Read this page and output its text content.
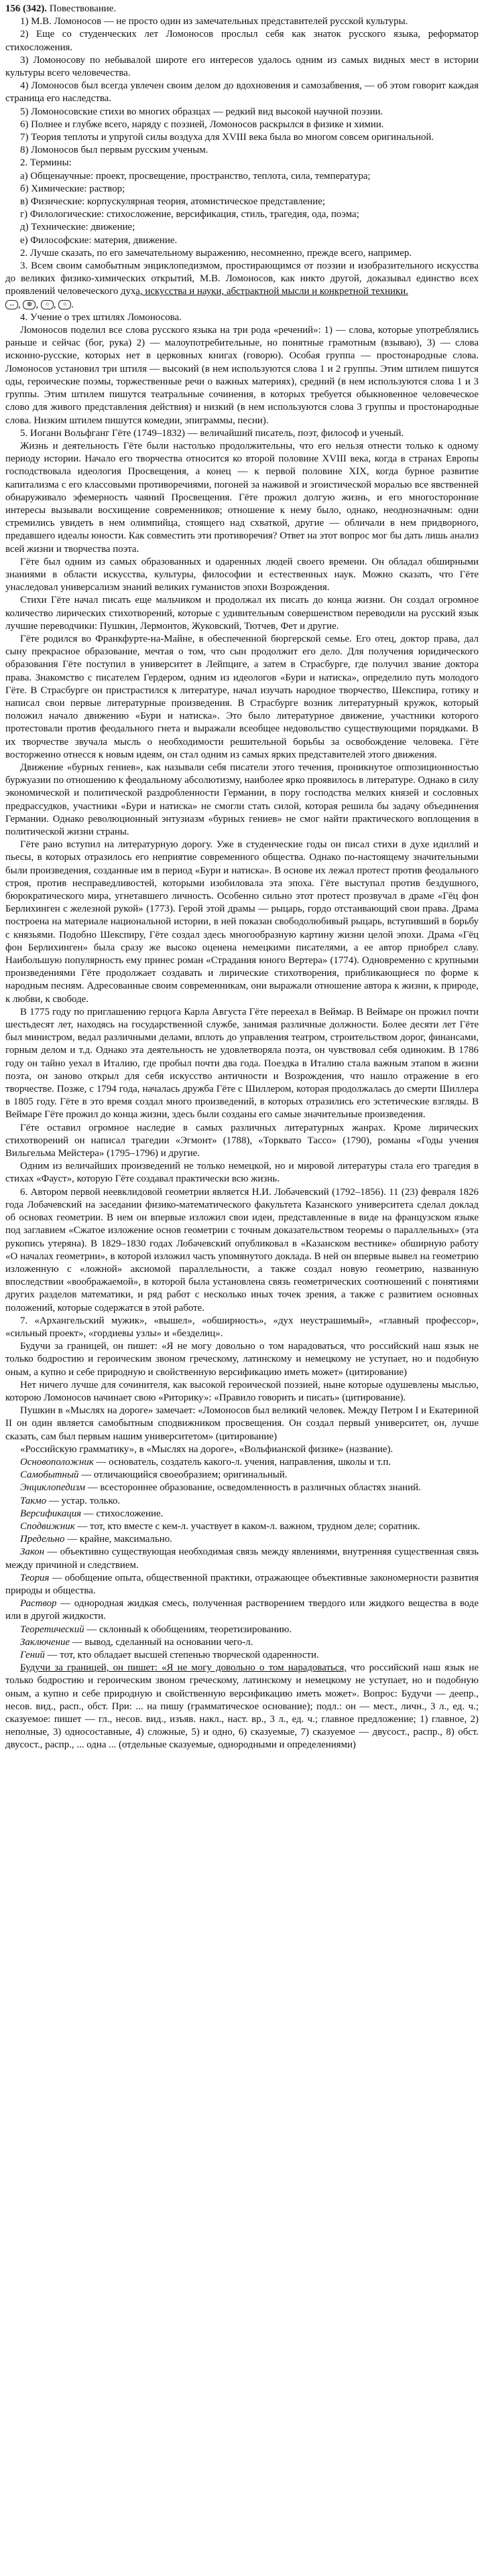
156 (342). Повествование.

1) М.В. Ломоносов — не просто один из замечательных представителей русской культуры.

2) Еще со студенческих лет Ломоносов прослыл себя как знаток русского языка, реформатор стихосложения.

3) Ломоносову по небывалой широте его интересов удалось одним из самых видных мест в истории культуры всего человечества.

4) Ломоносов был всегда увлечен своим делом до вдохновения и самозабвения, — об этом говорит каждая страница его наследства.

5) Ломоносовские стихи во многих образцах — редкий вид высокой научной поэзии.

6) Полнее и глубже всего, наряду с поэзией, Ломоносов раскрылся в физике и химии.

7) Теория теплоты и упругой силы воздуха для XVIII века была во многом совсем оригинальной.

8) Ломоносов был первым русским ученым.

2. Термины:

а) Общенаучные: проект, просвещение, пространство, теплота, сила, температура;

б) Химические: раствор;

в) Физические: корпускулярная теория, атомистическое представление;

г) Филологические: стихосложение, версификация, стиль, трагедия, ода, поэма;

д) Технические: движение;

е) Философские: материя, движение.

2. Лучше сказать, по его замечательному выражению, несомненно, прежде всего, например.

3. Всем своим самобытным энциклопедизмом, простирающимся от поэзии и изобразительного искусства до великих физико-химических открытий, М.В. Ломоносов, как никто другой, доказывал единство всех проявлений человеческого духа, искусства и науки, абстрактной мысли и конкретной техники.

↔ , ⊗ , ○ , ○ .

4. Учение о трех штилях Ломоносова.

Ломоносов поделил все слова русского языка на три рода «речений»: 1) — слова, которые употреблялись раньше и сейчас (бог, рука) 2) — малоупотребительные, но понятные грамотным (взываю), 3) — слова исконно-русские, которых нет в церковных книгах (говорю). Особая группа — простонародные слова. Ломоносов установил три штиля — высокий (в нем используются слова 1 и 2 группы. Этим штилем пишутся оды, героические поэмы, торжественные речи о важных материях), средний (в нем используются слова 1 и 3 группы. Этим штилем пишутся театральные сочинения, в которых требуется обыкновенное человеческое слово для живого представления действия) и низкий (в нем используются слова 3 группы и простонародные слова. Низким штилем пишутся комедии, эпиграммы, песни).

5. Иоганн Вольфганг Гёте (1749–1832) — величайший писатель, поэт, философ и ученый.

Жизнь и деятельность Гёте были настолько продолжительны, что его нельзя отнести только к одному периоду истории. Начало его творчества относится ко второй половине XVIII века, когда в странах Европы господствовала идеология Просвещения, а конец — к первой половине XIX, когда бурное развитие капитализма с его классовыми противоречиями, погоней за наживой и эгоистической моралью все явственней обнаруживало эфемерность чаяний Просвещения. Гёте прожил долгую жизнь, и его многосторонние интересы вызывали восхищение современников; отношение к нему было, однако, неоднозначным: одни стремились увидеть в нем олимпийца, стоящего над схваткой, другие — обличали в нем придворного, предавшего идеалы юности. Как совместить эти противоречия? Ответ на этот вопрос мог бы дать лишь анализ всей жизни и творчества поэта.

Гёте был одним из самых образованных и одаренных людей своего времени. Он обладал обширными знаниями в области искусства, культуры, философии и естественных наук. Можно сказать, что Гёте унаследовал универсализм знаний великих гуманистов эпохи Возрождения.

Стихи Гёте начал писать еще мальчиком и продолжал их писать до конца жизни. Он создал огромное количество лирических стихотворений, которые с удивительным совершенством переводили на русский язык лучшие переводчики: Пушкин, Лермонтов, Жуковский, Тютчев, Фет и другие.

Гёте родился во Франкфурте-на-Майне, в обеспеченной бюргерской семье. Его отец, доктор права, дал сыну прекрасное образование, мечтая о том, что сын продолжит его дело. Для получения юридического образования Гёте поступил в университет в Лейпциге, а затем в Страсбурге, где получил звание доктора права. Знакомство с писателем Гердером, одним из идеологов «Бури и натиска», определило путь молодого Гёте. В Страсбурге он пристрастился к литературе, начал изучать народное творчество, Шекспира, готику и написал свои первые литературные произведения. В Страсбурге возник литературный кружок, который положил начало движению «Бури и натиска». Это было литературное движение, участники которого протестовали против феодального гнета и выражали всеобщее недовольство существующими порядками. В их творчестве звучала мысль о необходимости решительной борьбы за освобождение человека. Гёте восторженно отнесся к новым идеям, он стал одним из самых ярких представителей этого движения.

Движение «бурных гениев», как называли себя писатели этого течения, проникнутое оппозиционностью буржуазии по отношению к феодальному абсолютизму, наиболее ярко проявилось в литературе. Однако в силу экономической и политической раздробленности Германии, в пору господства мелких князей и сословных предрассудков, участники «Бури и натиска» не смогли стать силой, которая решила бы задачу объединения Германии. Однако революционный энтузиазм «бурных гениев» не смог найти практического воплощения в политической жизни страны.

Гёте рано вступил на литературную дорогу. Уже в студенческие годы он писал стихи в духе идиллий и пьесы, в которых отразилось его неприятие современного общества. Однако по-настоящему значительными были произведения, созданные им в период «Бури и натиска». В основе их лежал протест против феодального строя, против несправедливостей, которыми изобиловала эта эпоха. Гёте выступал против бездушного, бюрократического мира, угнетавшего личность. Особенно сильно этот протест прозвучал в драме «Гёц фон Берлихинген с железной рукой» (1773). Герой этой драмы — рыцарь, гордо отстаивающий свои права. Драма построена на материале национальной истории, в ней показан свободолюбивый рыцарь, вступивший в борьбу с князьями. Подобно Шекспиру, Гёте создал здесь многообразную картину жизни целой эпохи. Драма «Гёц фон Берлихинген» была сразу же высоко оценена немецкими писателями, а ее автор приобрел славу. Наибольшую популярность ему принес роман «Страдания юного Вертера» (1774). Одновременно с крупными произведениями Гёте продолжает создавать и лирические стихотворения, прибликающиеся по форме к народным песням. Адресованные своим современникам, они выражали отношение автора к жизни, к природе, к любви, к свободе.

В 1775 году по приглашению герцога Карла Августа Гёте переехал в Веймар. В Веймаре он прожил почти шестьдесят лет, находясь на государственной службе, занимая различные должности. Более десяти лет Гёте был министром, ведал различными делами, вплоть до управления театром, строительством дорог, финансами, горным делом и т.д. Однако эта деятельность не удовлетворяла поэта, он чувствовал себя одиноким. В 1786 году он тайно уехал в Италию, где пробыл почти два года. Поездка в Италию стала важным этапом в жизни поэта, он заново открыл для себя искусство античности и Возрождения, что нашло отражение в его творчестве. Позже, с 1794 года, началась дружба Гёте с Шиллером, которая продолжалась до смерти Шиллера в 1805 году. Гёте в это время создал много произведений, в которых отразились его эстетические взгляды. В Веймаре Гёте прожил до конца жизни, здесь были созданы его самые значительные произведения.

Гёте оставил огромное наследие в самых различных литературных жанрах. Кроме лирических стихотворений он написал трагедии «Эгмонт» (1788), «Торквато Тассо» (1790), романы «Годы учения Вильгельма Мейстера» (1795–1796) и другие.

Одним из величайших произведений не только немецкой, но и мировой литературы стала его трагедия в стихах «Фауст», которую Гёте создавал практически всю жизнь.

6. Автором первой неевклидовой геометрии является Н.И. Лобачевский (1792–1856). 11 (23) февраля 1826 года Лобачевский на заседании физико-математического факультета Казанского университета сделал доклад об основах геометрии. В нем он впервые изложил свои идеи, представленные в виде на французском языке под заглавием «Сжатое изложение основ геометрии с точным доказательством теоремы о параллельных» (эта рукопись утеряна). В 1829–1830 годах Лобачевский опубликовал в «Казанском вестнике» обширную работу «О началах геометрии», в которой изложил часть упомянутого доклада. В ней он впервые вывел на геометрию изложенную с «ложной» аксиомой параллельности, а также создал новую геометрию, названную впоследствии «воображаемой», в которой была установлена связь геометрических соотношений с понятиями других разделов математики, и ряд работ с несколько иных точек зрения, а также с развитием основных положений, которые содержатся в этой работе.

7. «Архангельский мужик», «вышел», «обширность», «дух неустрашимый», «главный профессор», «сильный проект», «гордиевы узлы» и «безделиц».

Будучи за границей, он пишет: «Я не могу довольно о том нарадоваться, что российский наш язык не только бодростию и героическим звоном греческому, латинскому и немецкому не уступает, но и подобную оным, а купно и себе природную и свойственную версификацию иметь может» (цитирование)

Нет ничего лучше для сочинителя, как высокой героической поэзией, ныне которые одушевлены мыслью, которою Ломоносов начинает свою «Риторику»: «Правило говорить и писать» (цитирование).

Пушкин в «Мыслях на дороге» замечает: «Ломоносов был великий человек. Между Петром I и Екатериной II он один является самобытным сподвижником просвещения. Он создал первый университет, он, лучше сказать, сам был первым нашим университетом» (цитирование)

«Российскую грамматику», в «Мыслях на дороге», «Вольфианской физике» (название).

Основоположник — основатель, создатель какого-л. учения, направления, школы и т.п.

Самобытный — отличающийся своеобразием; оригинальный.

Энциклопедизм — всестороннее образование, осведомленность в различных областях знаний.

Такмо — устар. только.

Версификация — стихосложение.

Сподвижник — тот, кто вместе с кем-л. участвует в каком-л. важном, трудном деле; соратник.

Предельно — крайне, максимально.

Закон — объективно существующая необходимая связь между явлениями, внутренняя существенная связь между причиной и следствием.

Теория — обобщение опыта, общественной практики, отражающее объективные закономерности развития природы и общества.

Раствор — однородная жидкая смесь, полученная растворением твердого или жидкого вещества в воде или в другой жидкости.

Теоретический — склонный к обобщениям, теоретизированию.

Заключение — вывод, сделанный на основании чего-л.

Гений — тот, кто обладает высшей степенью творческой одаренности.

Будучи за границей, он пишет: «Я не могу довольно о том нарадоваться, что российский наш язык не только бодростию и героическим звоном греческому, латинскому и немецкому не уступает, но и подобную оным, а купно и себе природную и свойственную версификацию иметь может». Вопрос: Будучи — деепр., несов. вид., расп., обст. При: ... на пишу (грамматическое основание); подл.: он — мест., личн., 3 л., ед. ч.; сказуемое: пишет — гл., несов. вид., изъяв. накл., наст. вр., 3 л., ед. ч.; главное предложение; 1) главное, 2) неполные, 3) односоставные, 4) сложные, 5) и одно, 6) сказуемые, 7) сказуемое — двусост., распр., 8) обст. двусост., распр., ... одна ... (отдельные сказуемые, однородными и определениями)
